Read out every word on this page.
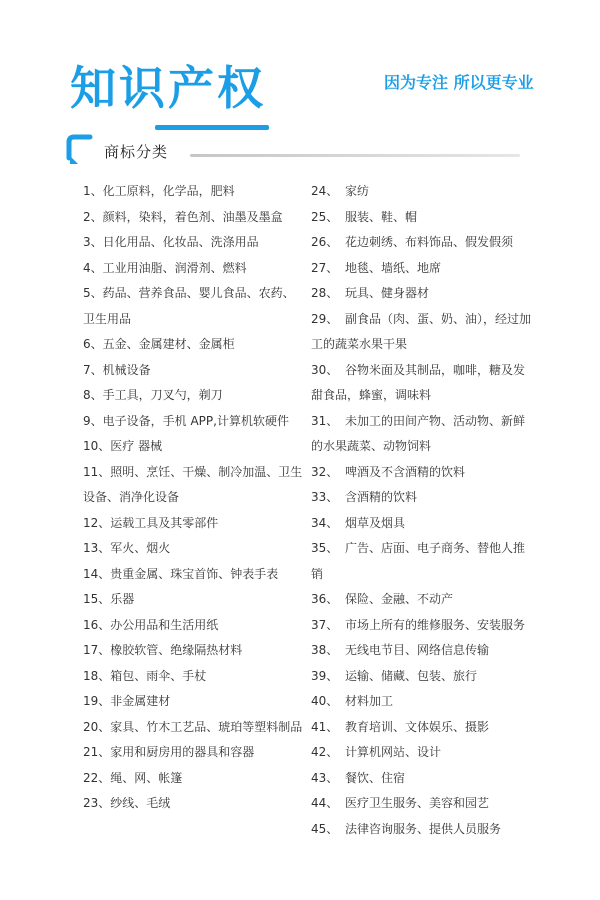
知识产权	因为专注 所以更专业
商标分类
1、化工原料，化学品，肥料
2、颜料，染料，着色剂、油墨及墨盒
3、日化用品、化妆品、洗涤用品
4、工业用油脂、润滑剂、燃料
5、药品、营养食品、婴儿食品、农药、卫生用品
6、五金、金属建材、金属柜
7、机械设备
8、手工具，刀叉勺，剃刀
9、电子设备，手机 APP,计算机软硬件
10、医疗 器械
11、照明、烹饪、干燥、制冷加温、卫生设备、消净化设备
12、运载工具及其零部件
13、军火、烟火
14、贵重金属、珠宝首饰、钟表手表
15、乐器
16、办公用品和生活用纸
17、橡胶软管、绝缘隔热材料
18、箱包、雨伞、手杖
19、非金属建材
20、家具、竹木工艺品、琥珀等塑料制品
21、家用和厨房用的器具和容器
22、绳、网、帐篷
23、纱线、毛绒
24、 家纺
25、 服装、鞋、帽
26、 花边刺绣、布料饰品、假发假须
27、 地毯、墙纸、地席
28、 玩具、健身器材
29、 副食品（肉、蛋、奶、油），经过加工的蔬菜水果干果
30、 谷物米面及其制品，咖啡，糖及发甜食品，蜂蜜，调味料
31、 未加工的田间产物、活动物、新鲜的水果蔬菜、动物饲料
32、 啤酒及不含酒精的饮料
33、 含酒精的饮料
34、 烟草及烟具
35、 广告、店面、电子商务、替他人推销
36、 保险、金融、不动产
37、 市场上所有的维修服务、安装服务
38、 无线电节目、网络信息传输
39、 运输、储藏、包装、旅行
40、 材料加工
41、 教育培训、文体娱乐、摄影
42、 计算机网站、设计
43、 餐饮、住宿
44、 医疗卫生服务、美容和园艺
45、 法律咨询服务、提供人员服务
